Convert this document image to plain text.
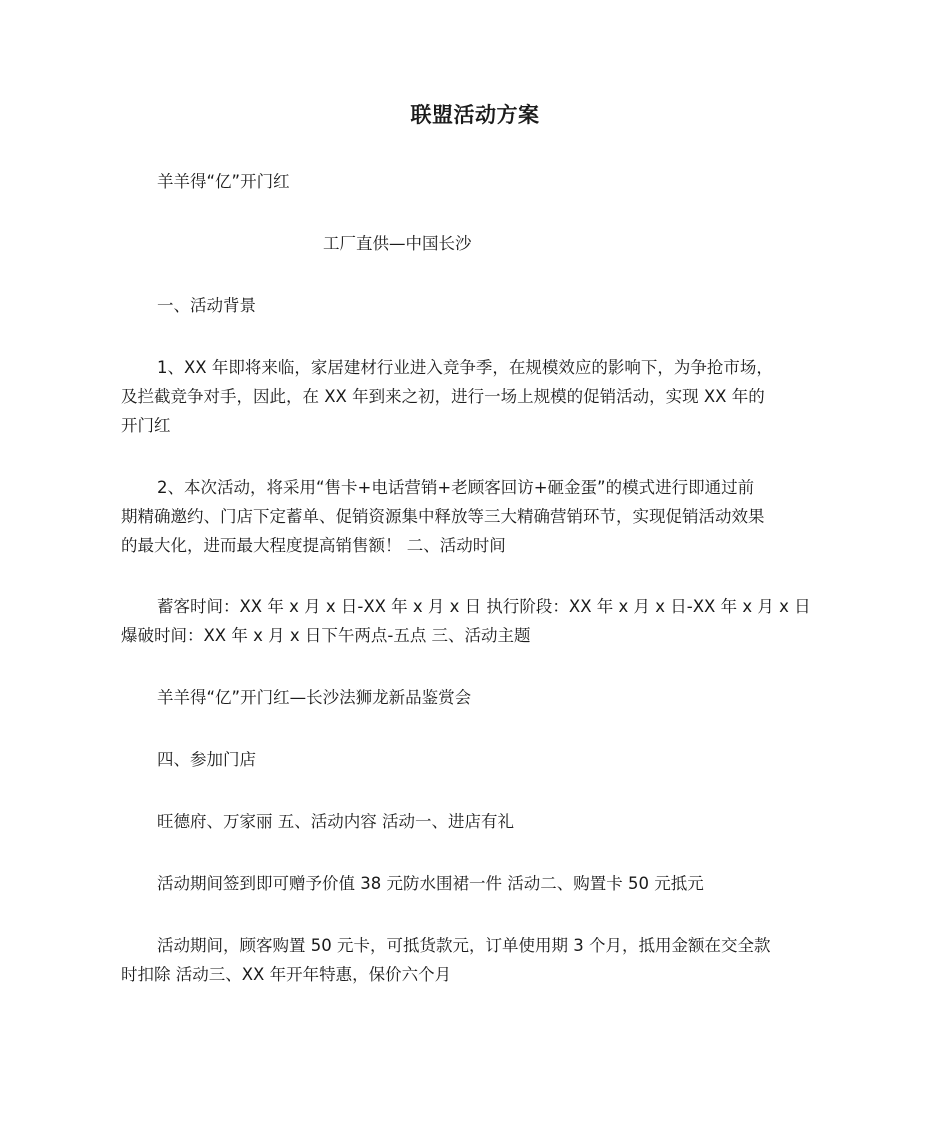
联盟活动方案
羊羊得“亿”开门红
工厂直供—中国长沙
一、活动背景
1、XX 年即将来临，家居建材行业进入竞争季，在规模效应的影响下，为争抢市场，
及拦截竞争对手，因此，在 XX 年到来之初，进行一场上规模的促销活动，实现 XX 年的
开门红
2、本次活动，将采用“售卡+电话营销+老顾客回访+砸金蛋”的模式进行即通过前
期精确邀约、门店下定蓄单、促销资源集中释放等三大精确营销环节，实现促销活动效果
的最大化，进而最大程度提高销售额！ 二、活动时间
蓄客时间：XX 年 x 月 x 日-XX 年 x 月 x 日 执行阶段：XX 年 x 月 x 日-XX 年 x 月 x 日
爆破时间：XX 年 x 月 x 日下午两点-五点 三、活动主题
羊羊得“亿”开门红—长沙法狮龙新品鉴赏会
四、参加门店
旺德府、万家丽 五、活动内容 活动一、进店有礼
活动期间签到即可赠予价值 38 元防水围裙一件 活动二、购置卡 50 元抵元
活动期间，顾客购置 50 元卡，可抵货款元，订单使用期 3 个月，抵用金额在交全款
时扣除 活动三、XX 年开年特惠，保价六个月
